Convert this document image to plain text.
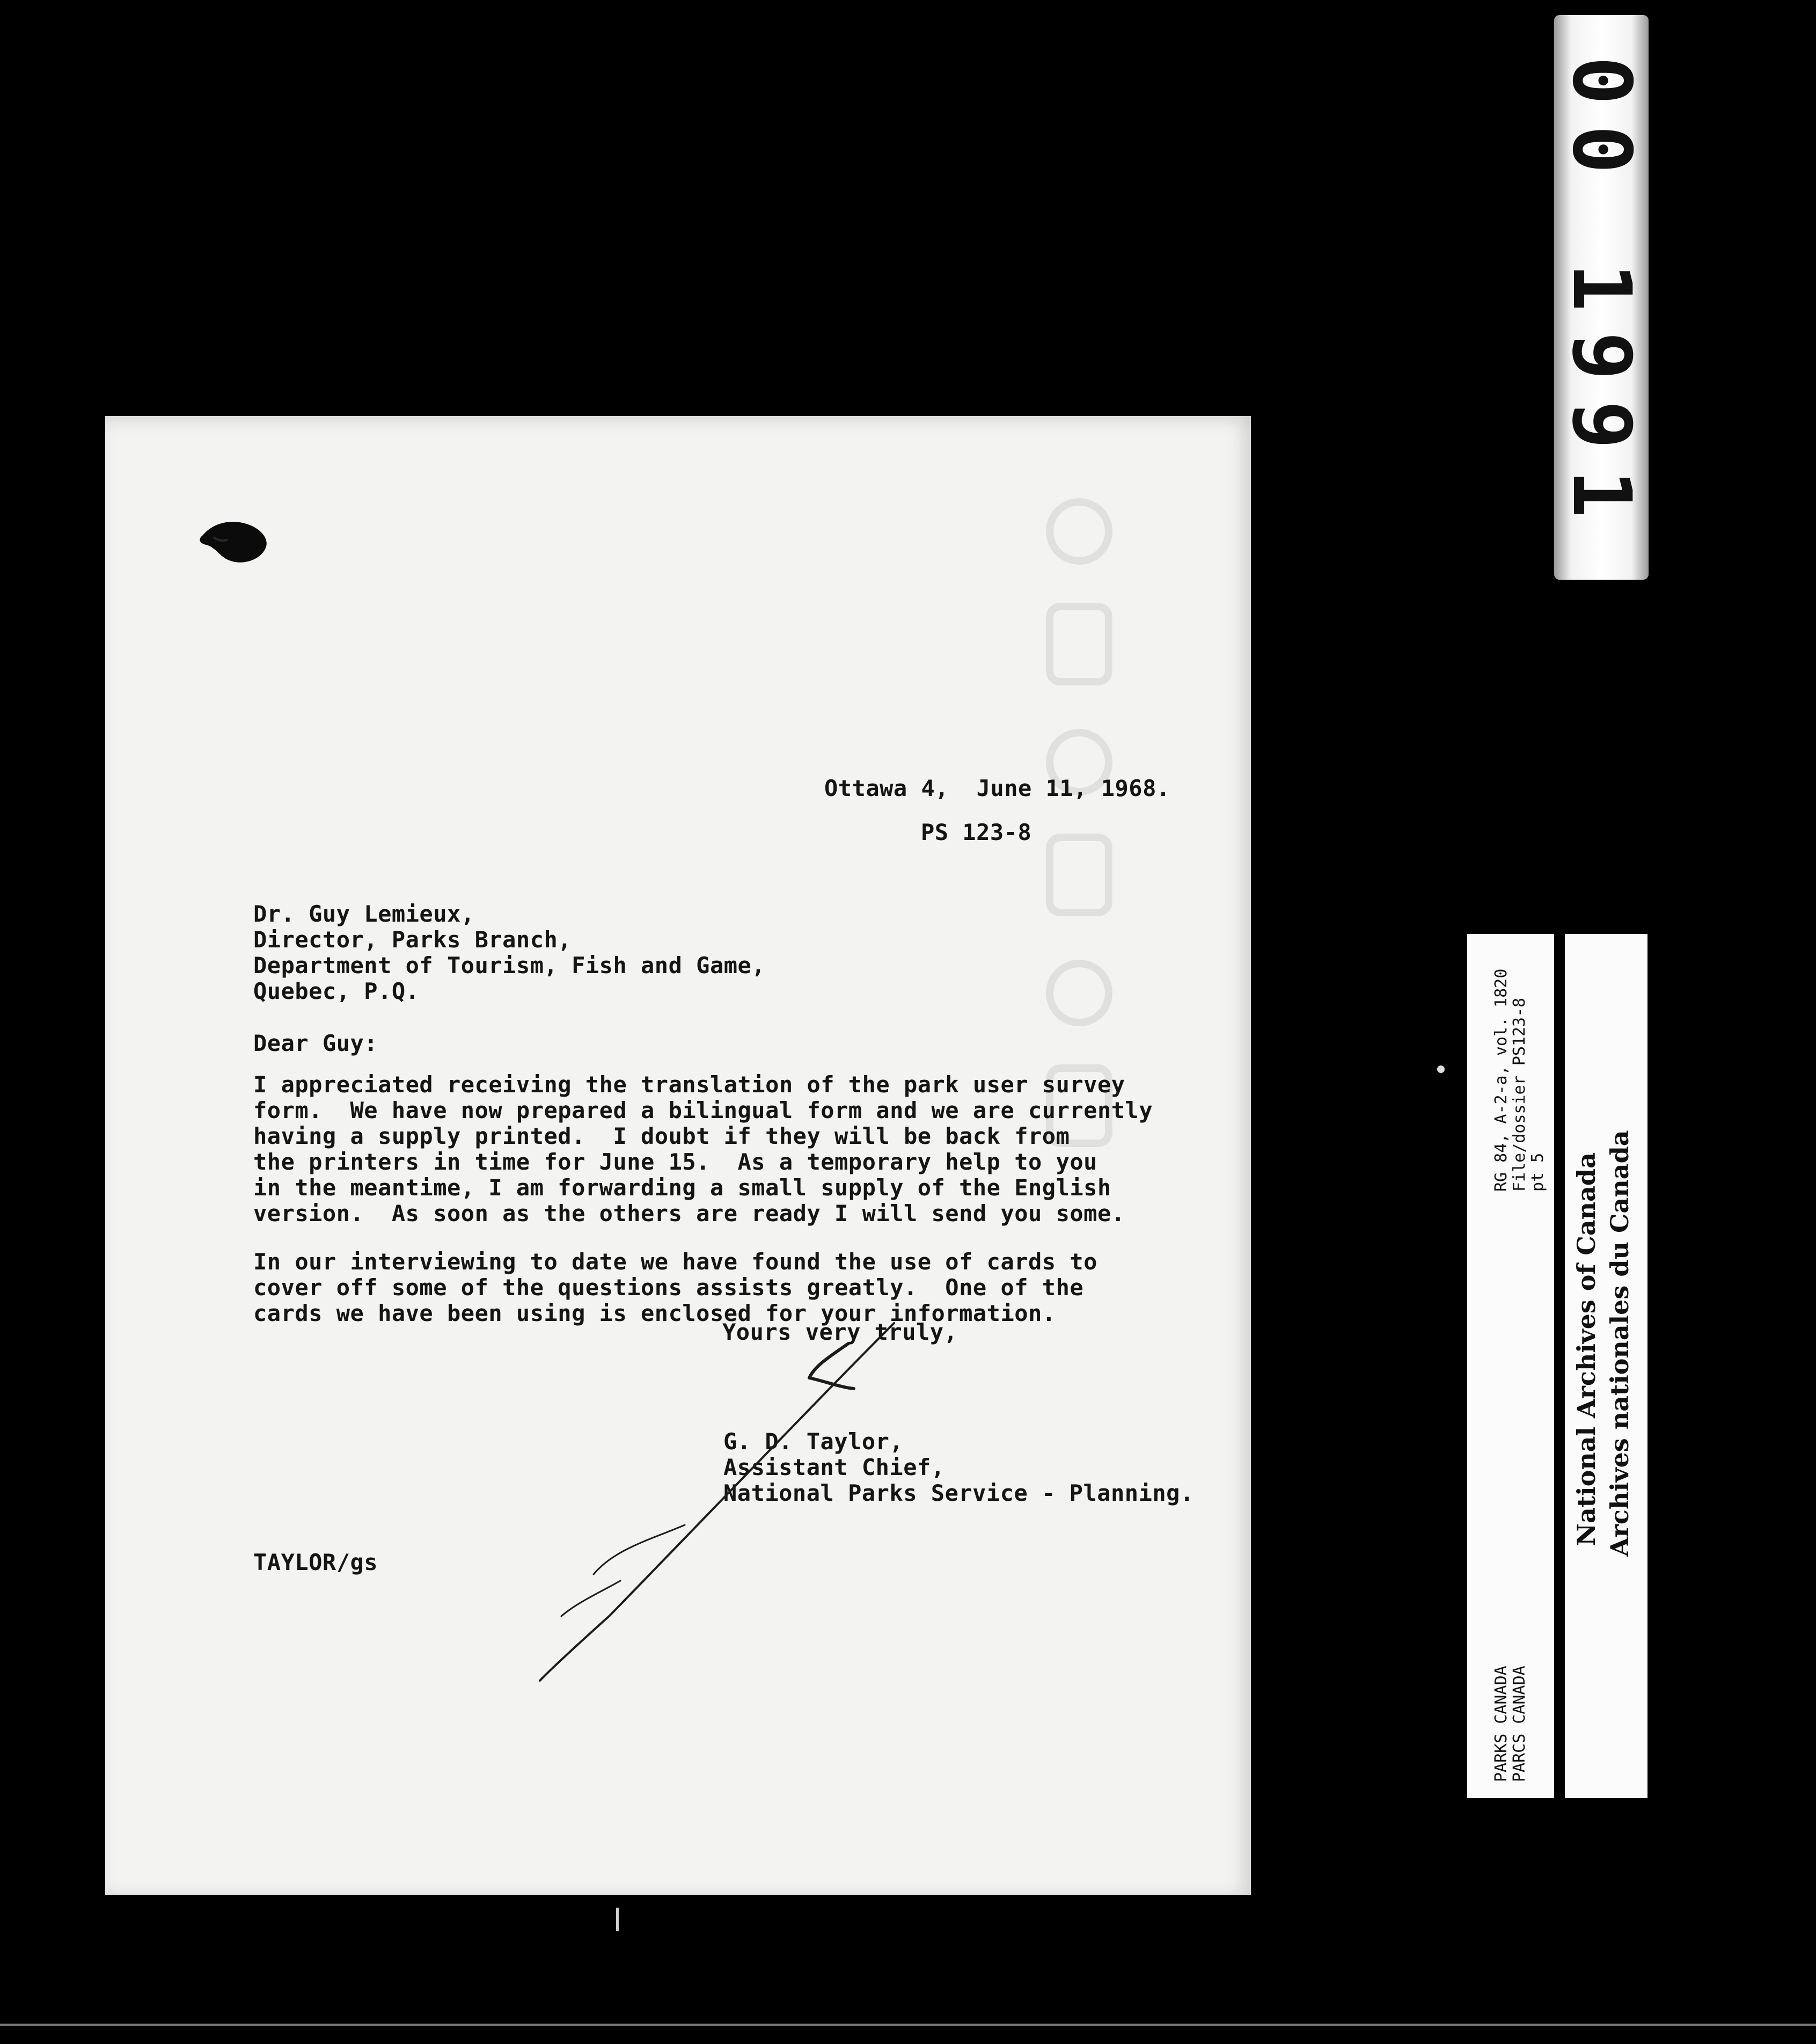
00 1991
Ottawa 4,  June 11, 1968.
PS 123-8
Dr. Guy Lemieux,
Director, Parks Branch,
Department of Tourism, Fish and Game,
Quebec, P.Q.
Dear Guy:
I appreciated receiving the translation of the park user survey
form.  We have now prepared a bilingual form and we are currently
having a supply printed.  I doubt if they will be back from
the printers in time for June 15.  As a temporary help to you
in the meantime, I am forwarding a small supply of the English
version.  As soon as the others are ready I will send you some.
In our interviewing to date we have found the use of cards to
cover off some of the questions assists greatly.  One of the
cards we have been using is enclosed for your information.
Yours very truly,
G. D. Taylor,
Assistant Chief,
National Parks Service - Planning.
TAYLOR/gs
RG 84, A-2-a, vol. 1820 File/dossier PS123-8 pt 5
PARKS CANADA PARCS CANADA
National Archives of Canada Archives nationales du Canada
